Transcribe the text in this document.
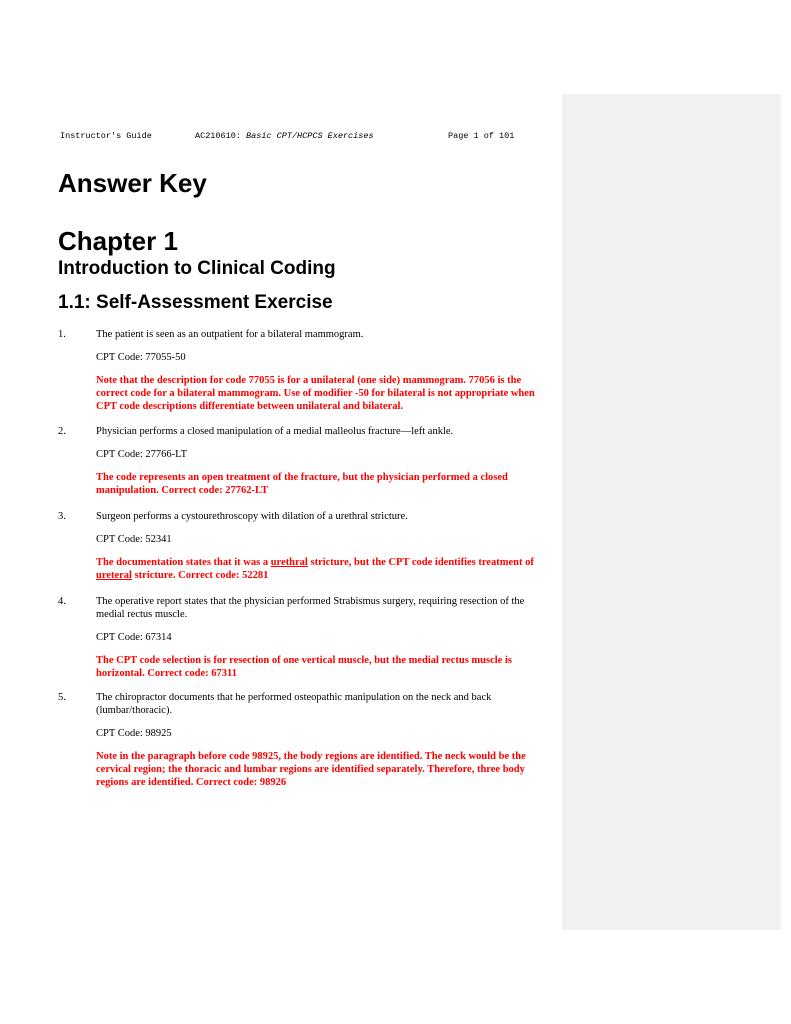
Instructor's Guide	AC210610: Basic CPT/HCPCS Exercises	Page 1 of 101
Answer Key
Chapter 1
Introduction to Clinical Coding
1.1: Self-Assessment Exercise
1.	The patient is seen as an outpatient for a bilateral mammogram.
CPT Code: 77055-50
Note that the description for code 77055 is for a unilateral (one side) mammogram. 77056 is the correct code for a bilateral mammogram. Use of modifier -50 for bilateral is not appropriate when CPT code descriptions differentiate between unilateral and bilateral.
2.	Physician performs a closed manipulation of a medial malleolus fracture—left ankle.
CPT Code: 27766-LT
The code represents an open treatment of the fracture, but the physician performed a closed manipulation. Correct code: 27762-LT
3.	Surgeon performs a cystourethroscopy with dilation of a urethral stricture.
CPT Code: 52341
The documentation states that it was a urethral stricture, but the CPT code identifies treatment of ureteral stricture. Correct code: 52281
4.	The operative report states that the physician performed Strabismus surgery, requiring resection of the medial rectus muscle.
CPT Code: 67314
The CPT code selection is for resection of one vertical muscle, but the medial rectus muscle is horizontal. Correct code: 67311
5.	The chiropractor documents that he performed osteopathic manipulation on the neck and back (lumbar/thoracic).
CPT Code: 98925
Note in the paragraph before code 98925, the body regions are identified. The neck would be the cervical region; the thoracic and lumbar regions are identified separately. Therefore, three body regions are identified. Correct code: 98926
